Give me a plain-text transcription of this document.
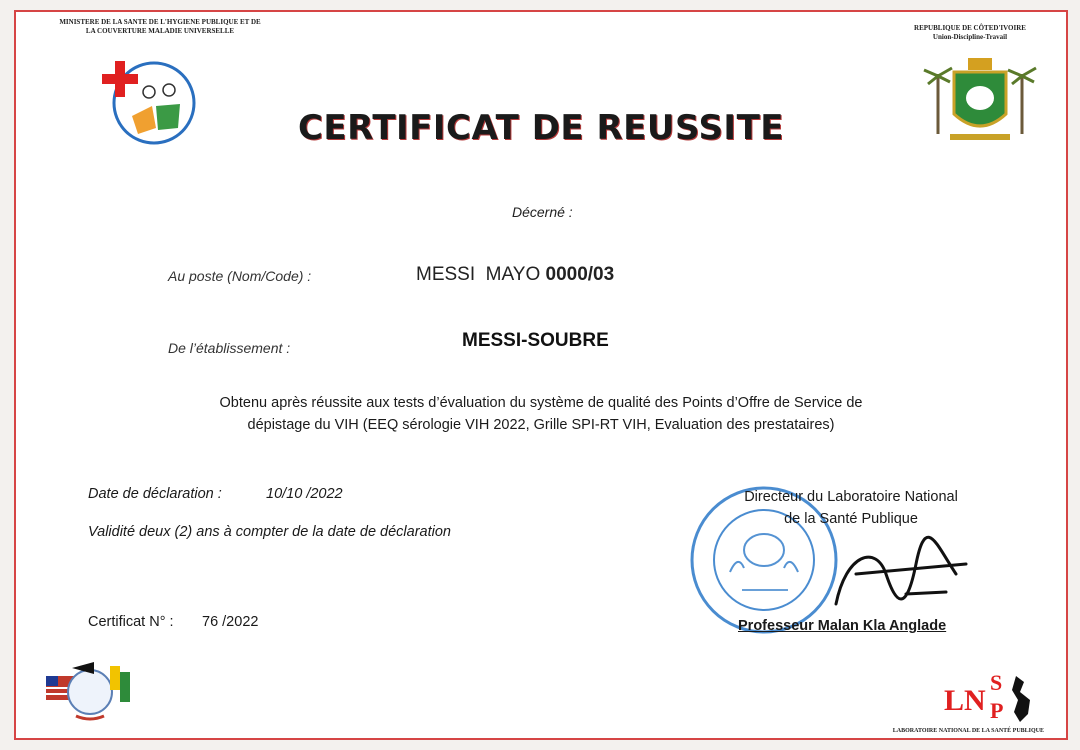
MINISTERE DE LA SANTE DE L'HYGIENE PUBLIQUE ET DE
LA COUVERTURE MALADIE UNIVERSELLE	REPUBLIQUE DE CÔTED'IVOIRE
Union-Discipline-Travail
CERTIFICAT DE REUSSITE
Décerné :
Au poste (Nom/Code) :	MESSI  MAYO 0000/03
De l’établissement :	MESSI-SOUBRE
Obtenu après réussite aux tests d’évaluation du système de qualité des Points d’Offre de Service de
dépistage du VIH (EEQ sérologie VIH 2022, Grille SPI-RT VIH, Evaluation des prestataires)
Date de déclaration :	10/10 /2022
Validité deux (2) ans à compter de la date de déclaration
Certificat N° : 76 /2022
Directeur du Laboratoire National
de la Santé Publique
Professeur Malan Kla Anglade
LN
S
P
LABORATOIRE NATIONAL DE LA SANTÉ PUBLIQUE
